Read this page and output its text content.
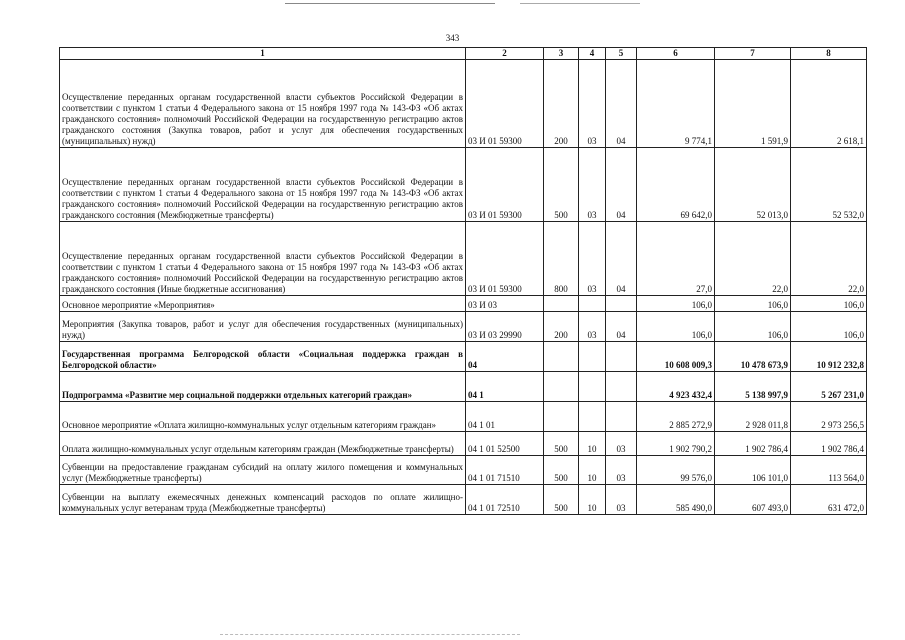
343
1	2	3	4	5	6	7	8
Осуществление переданных органам государственной власти субъектов Российской Федерации в соответствии с пунктом 1 статьи 4 Федерального закона от 15 ноября 1997 года № 143-ФЗ «Об актах гражданского состояния» полномочий Российской Федерации на государственную регистрацию актов гражданского состояния (Закупка товаров, работ и услуг для обеспечения государственных (муниципальных) нужд)	03 И 01 59300	200	03	04	9 774,1	1 591,9	2 618,1
Осуществление переданных органам государственной власти субъектов Российской Федерации в соответствии с пунктом 1 статьи 4 Федерального закона от 15 ноября 1997 года № 143-ФЗ «Об актах гражданского состояния» полномочий Российской Федерации на государственную регистрацию актов гражданского состояния (Межбюджетные трансферты)	03 И 01 59300	500	03	04	69 642,0	52 013,0	52 532,0
Осуществление переданных органам государственной власти субъектов Российской Федерации в соответствии с пунктом 1 статьи 4 Федерального закона от 15 ноября 1997 года № 143-ФЗ «Об актах гражданского состояния» полномочий Российской Федерации на государственную регистрацию актов гражданского состояния (Иные бюджетные ассигнования)	03 И 01 59300	800	03	04	27,0	22,0	22,0
Основное мероприятие «Мероприятия»	03 И 03				106,0	106,0	106,0
Мероприятия (Закупка товаров, работ и услуг для обеспечения государственных (муниципальных) нужд)	03 И 03 29990	200	03	04	106,0	106,0	106,0
Государственная программа Белгородской области «Социальная поддержка граждан в Белгородской области»	04				10 608 009,3	10 478 673,9	10 912 232,8
Подпрограмма «Развитие мер социальной поддержки отдельных категорий граждан»	04 1				4 923 432,4	5 138 997,9	5 267 231,0
Основное мероприятие «Оплата жилищно-коммунальных услуг отдельным категориям граждан»	04 1 01				2 885 272,9	2 928 011,8	2 973 256,5
Оплата жилищно-коммунальных услуг отдельным категориям граждан (Межбюджетные трансферты)	04 1 01 52500	500	10	03	1 902 790,2	1 902 786,4	1 902 786,4
Субвенции на предоставление гражданам субсидий на оплату жилого помещения и коммунальных услуг (Межбюджетные трансферты)	04 1 01 71510	500	10	03	99 576,0	106 101,0	113 564,0
Субвенции на выплату ежемесячных денежных компенсаций расходов по оплате жилищно-коммунальных услуг ветеранам труда (Межбюджетные трансферты)	04 1 01 72510	500	10	03	585 490,0	607 493,0	631 472,0
